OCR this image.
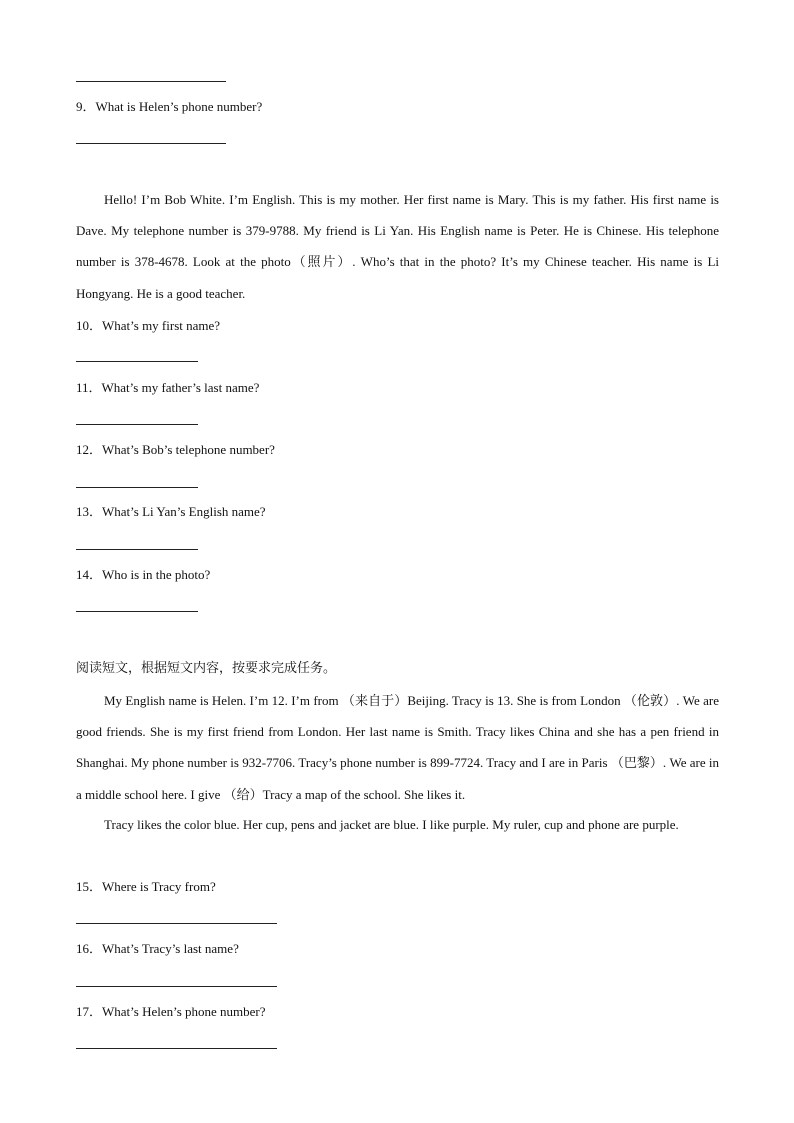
9．What is Helen’s phone number?

Hello! I’m Bob White. I’m English. This is my mother. Her first name is Mary. This is my father. His first name is Dave. My telephone number is 379-9788. My friend is Li Yan. His English name is Peter. He is Chinese. His telephone number is 378-4678. Look at the photo（照片）. Who’s that in the photo? It’s my Chinese teacher. His name is Li Hongyang. He is a good teacher.

10．What’s my first name?
11．What’s my father’s last name?
12．What’s Bob’s telephone number?
13．What’s Li Yan’s English name?
14．Who is in the photo?
阅读短文，根据短文内容，按要求完成任务。

My English name is Helen. I’m 12. I’m from （来自于）Beijing. Tracy is 13. She is from London （伦敦）. We are good friends. She is my first friend from London. Her last name is Smith. Tracy likes China and she has a pen friend in Shanghai. My phone number is 932-7706. Tracy’s phone number is 899-7724. Tracy and I are in Paris （巴黎）. We are in a middle school here. I give （给）Tracy a map of the school. She likes it.

Tracy likes the color blue. Her cup, pens and jacket are blue. I like purple. My ruler, cup and phone are purple.

15．Where is Tracy from?
16．What’s Tracy’s last name?
17．What’s Helen’s phone number?
